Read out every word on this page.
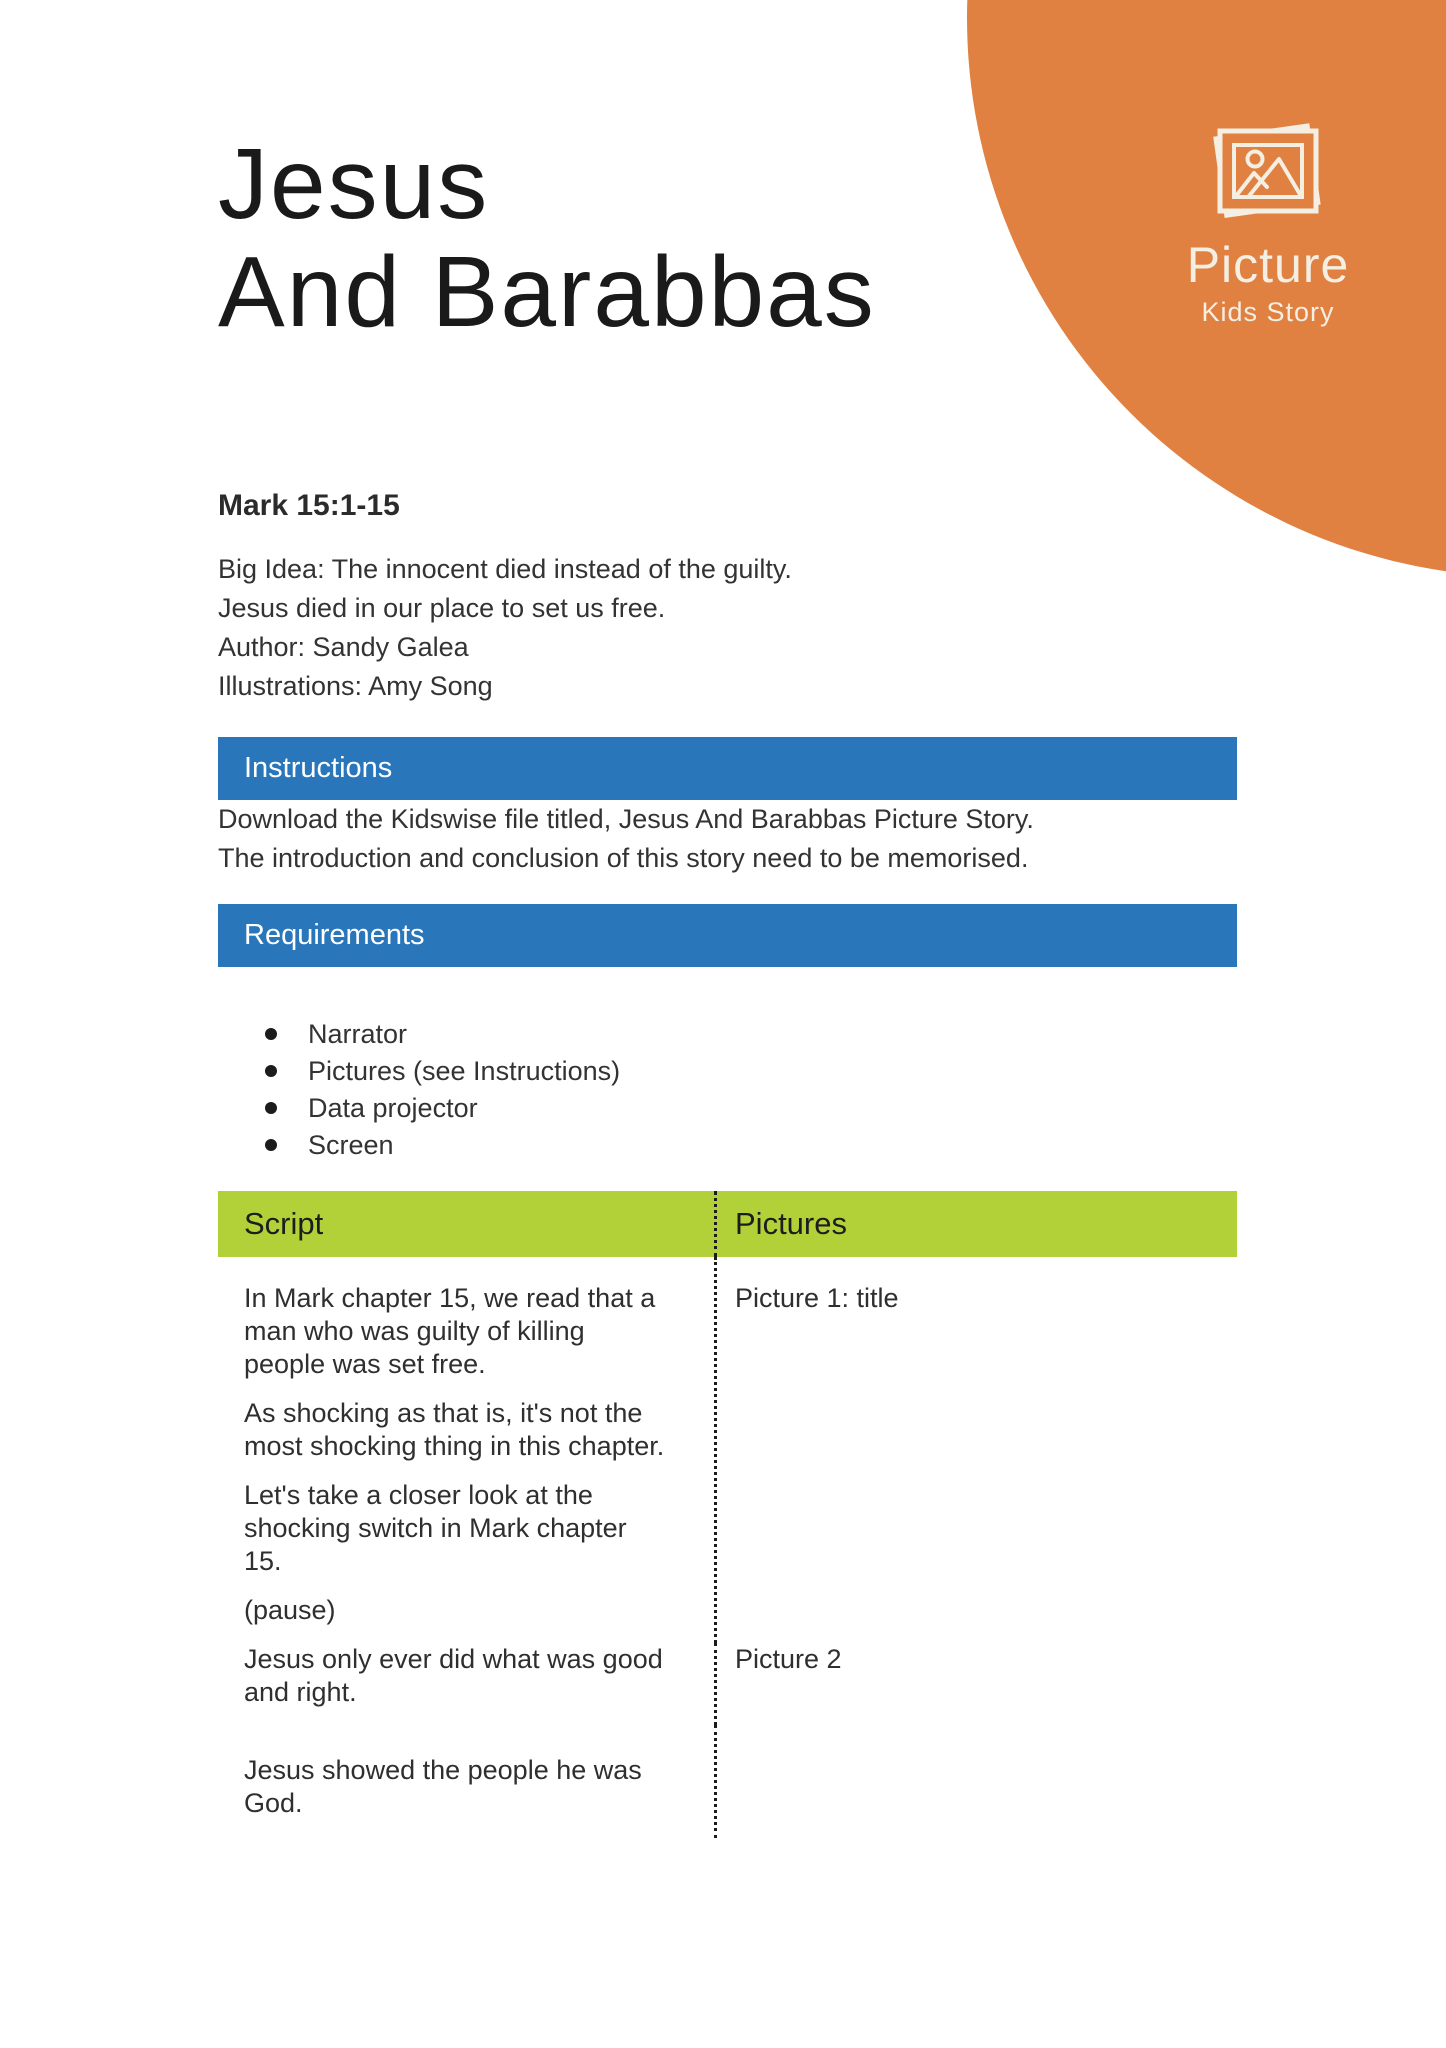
Picture
Kids Story
Jesus
And Barabbas
Mark 15:1-15
Big Idea: The innocent died instead of the guilty.
Jesus died in our place to set us free.
Author: Sandy Galea
Illustrations: Amy Song
Instructions

Download the Kidswise file titled, Jesus And Barabbas Picture Story.

The introduction and conclusion of this story need to be memorised.

Requirements
Narrator
Pictures (see Instructions)
Data projector
Screen
Script	Pictures

In Mark chapter 15, we read that a man who was guilty of killing people was set free.

As shocking as that is, it's not the most shocking thing in this chapter.

Let's take a closer look at the shocking switch in Mark chapter 15.

(pause)

Picture 1: title

Jesus only ever did what was good and right.

Picture 2

Jesus showed the people he was God.
